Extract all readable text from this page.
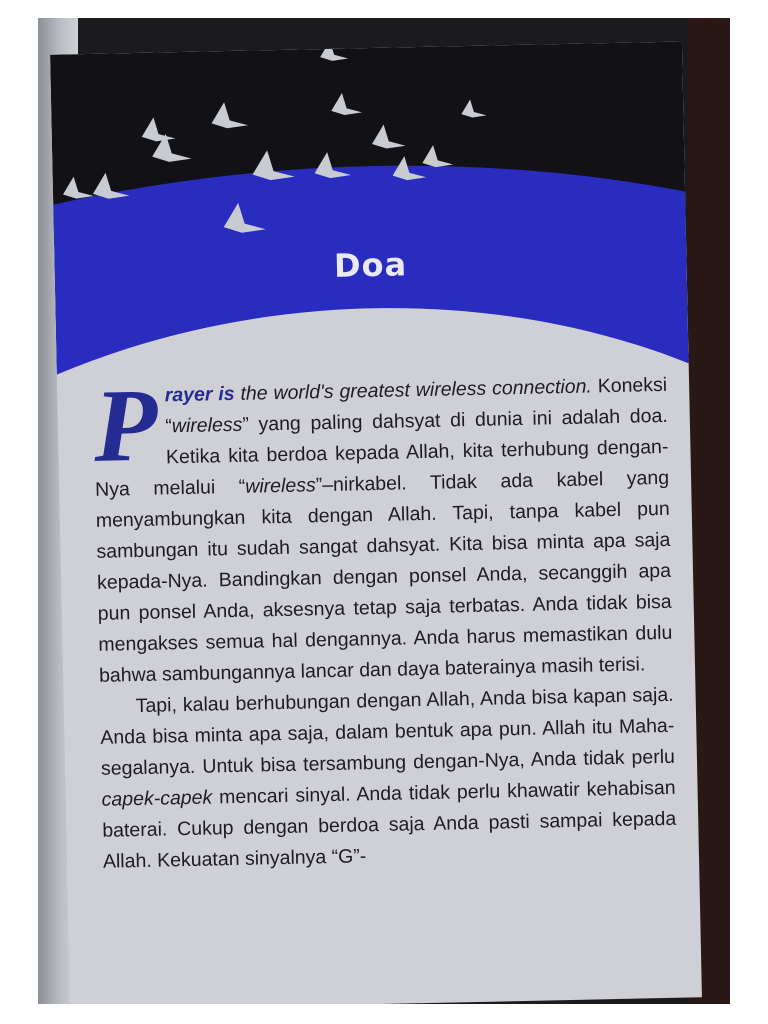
Doa

P rayer is the world's greatest wireless connection. Koneksi “wireless” yang paling dahsyat di dunia ini adalah doa. Ketika kita berdoa kepada Allah, kita terhubung dengan-Nya melalui “wireless”–nirkabel. Tidak ada kabel yang menyambungkan kita dengan Allah. Tapi, tanpa kabel pun sambungan itu sudah sangat dahsyat. Kita bisa minta apa saja kepada-Nya. Bandingkan dengan ponsel Anda, secanggih apa pun ponsel Anda, aksesnya tetap saja terbatas. Anda tidak bisa mengakses semua hal dengannya. Anda harus memastikan dulu bahwa sambungannya lancar dan daya baterainya masih terisi.

Tapi, kalau berhubungan dengan Allah, Anda bisa kapan saja. Anda bisa minta apa saja, dalam bentuk apa pun. Allah itu Maha-segalanya. Untuk bisa tersambung dengan-Nya, Anda tidak perlu capek-capek mencari sinyal. Anda tidak perlu khawatir kehabisan baterai. Cukup dengan berdoa saja Anda pasti sampai kepada Allah. Kekuatan sinyalnya “G”-
